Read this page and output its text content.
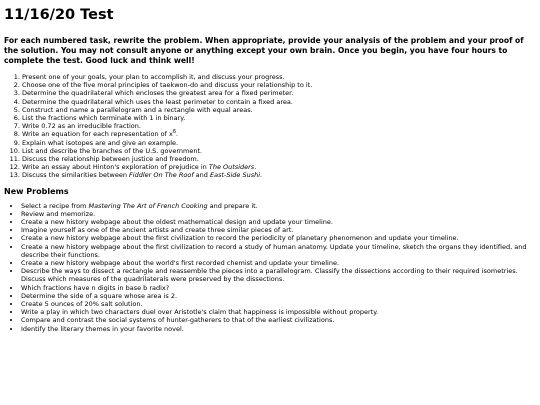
11/16/20 Test

For each numbered task, rewrite the problem. When appropriate, provide your analysis of the problem and your proof of the solution. You may not consult anyone or anything except your own brain. Once you begin, you have four hours to complete the test. Good luck and think well!

1. Present one of your goals, your plan to accomplish it, and discuss your progress.
2. Choose one of the five moral principles of taekwon-do and discuss your relationship to it.
3. Determine the quadrilateral which encloses the greatest area for a fixed perimeter.
4. Determine the quadrilateral which uses the least perimeter to contain a fixed area.
5. Construct and name a parallelogram and a rectangle with equal areas.
6. List the fractions which terminate with 1 in binary.
7. Write 0.72 as an irreducible fraction.
8. Write an equation for each representation of $x^6$.
9. Explain what isotopes are and give an example.
10. List and describe the branches of the U.S. government.
11. Discuss the relationship between justice and freedom.
12. Write an essay about Hinton's exploration of prejudice in The Outsiders.
13. Discuss the similarities between Fiddler On The Roof and East-Side Sushi.
New Problems
• Select a recipe from Mastering The Art of French Cooking and prepare it.
• Review and memorize.
• Create a new history webpage about the oldest mathematical design and update your timeline.
• Imagine yourself as one of the ancient artists and create three similar pieces of art.
• Create a new history webpage about the first civilization to record the periodicity of planetary phenomenon and update your timeline.
• Create a new history webpage about the first civilization to record a study of human anatomy. Update your timeline, sketch the organs they identified, and describe their functions.
• Create a new history webpage about the world's first recorded chemist and update your timeline.
• Describe the ways to dissect a rectangle and reassemble the pieces into a parallelogram. Classify the dissections according to their required isometries. Discuss which measures of the quadrilaterals were preserved by the dissections.
• Which fractions have n digits in base b radix?
• Determine the side of a square whose area is 2.
• Create 5 ounces of 20% salt solution.
• Write a play in which two characters duel over Aristotle's claim that happiness is impossible without property.
• Compare and contrast the social systems of hunter-gatherers to that of the earliest civilizations.
• Identify the literary themes in your favorite novel.
